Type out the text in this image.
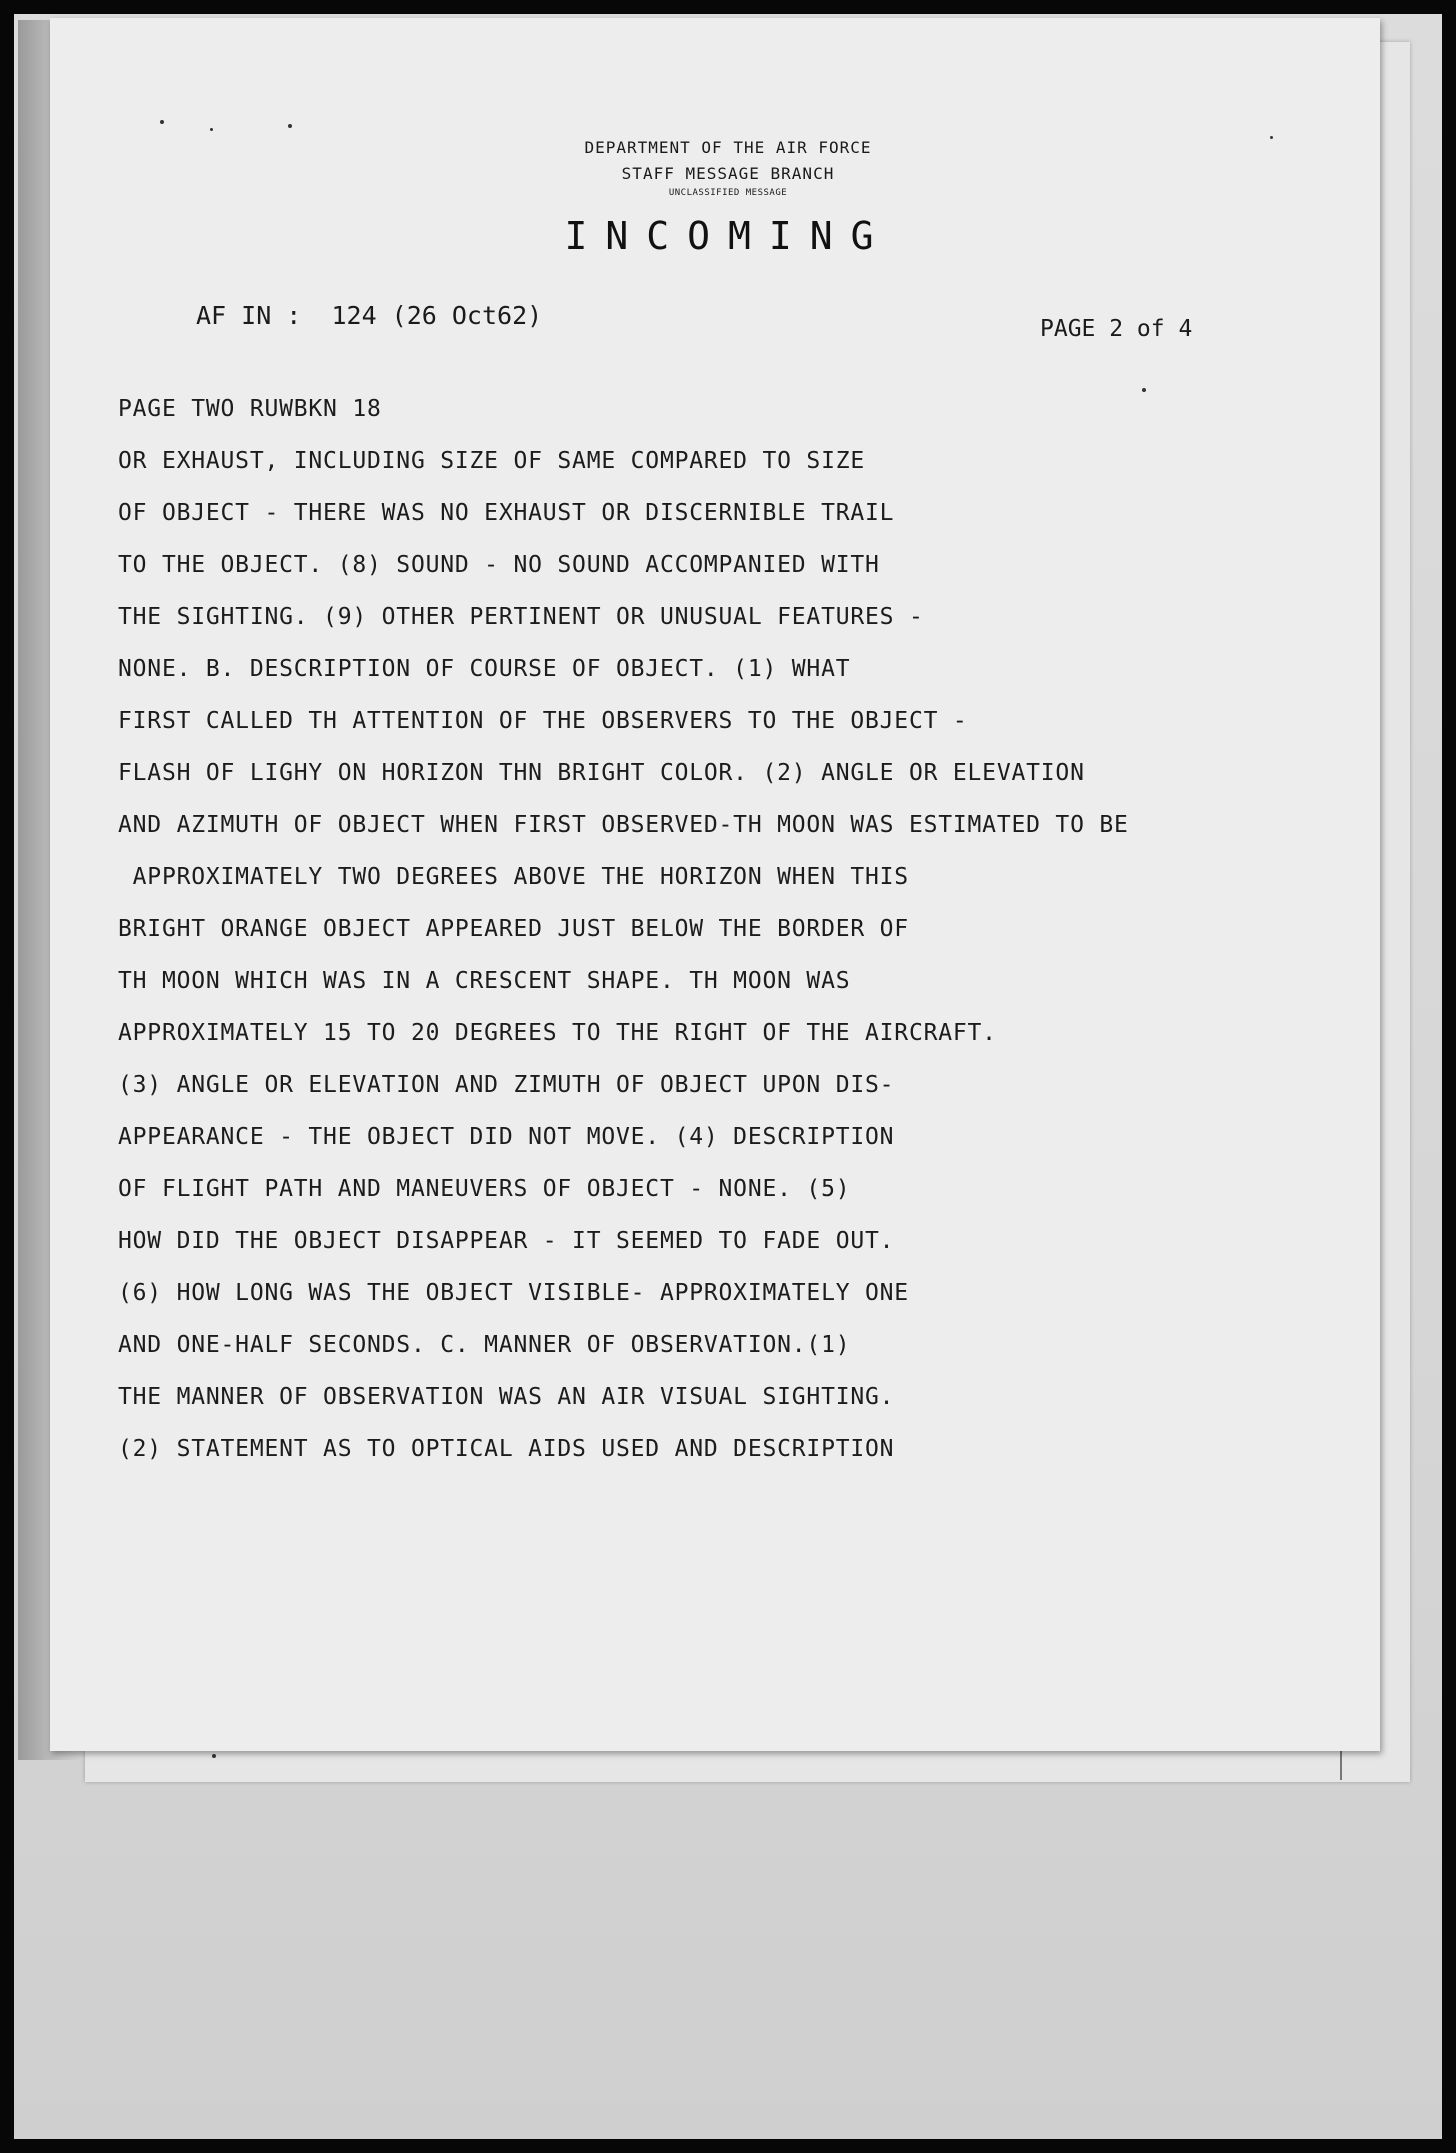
DEPARTMENT OF THE AIR FORCE
STAFF MESSAGE BRANCH
UNCLASSIFIED MESSAGE
INCOMING
AF IN :  124 (26 Oct62)	PAGE 2 of 4
PAGE TWO RUWBKN 18
OR EXHAUST, INCLUDING SIZE OF SAME COMPARED TO SIZE
OF OBJECT - THERE WAS NO EXHAUST OR DISCERNIBLE TRAIL
TO THE OBJECT. (8) SOUND - NO SOUND ACCOMPANIED WITH
THE SIGHTING. (9) OTHER PERTINENT OR UNUSUAL FEATURES -
NONE. B. DESCRIPTION OF COURSE OF OBJECT. (1) WHAT
FIRST CALLED TH ATTENTION OF THE OBSERVERS TO THE OBJECT -
FLASH OF LIGHY ON HORIZON THN BRIGHT COLOR. (2) ANGLE OR ELEVATION
AND AZIMUTH OF OBJECT WHEN FIRST OBSERVED-TH MOON WAS ESTIMATED TO BE
APPROXIMATELY TWO DEGREES ABOVE THE HORIZON WHEN THIS
BRIGHT ORANGE OBJECT APPEARED JUST BELOW THE BORDER OF
TH MOON WHICH WAS IN A CRESCENT SHAPE. TH MOON WAS
APPROXIMATELY 15 TO 20 DEGREES TO THE RIGHT OF THE AIRCRAFT.
(3) ANGLE OR ELEVATION AND ZIMUTH OF OBJECT UPON DIS-
APPEARANCE - THE OBJECT DID NOT MOVE. (4) DESCRIPTION
OF FLIGHT PATH AND MANEUVERS OF OBJECT - NONE. (5)
HOW DID THE OBJECT DISAPPEAR - IT SEEMED TO FADE OUT.
(6) HOW LONG WAS THE OBJECT VISIBLE- APPROXIMATELY ONE
AND ONE-HALF SECONDS. C. MANNER OF OBSERVATION.(1)
THE MANNER OF OBSERVATION WAS AN AIR VISUAL SIGHTING.
(2) STATEMENT AS TO OPTICAL AIDS USED AND DESCRIPTION
